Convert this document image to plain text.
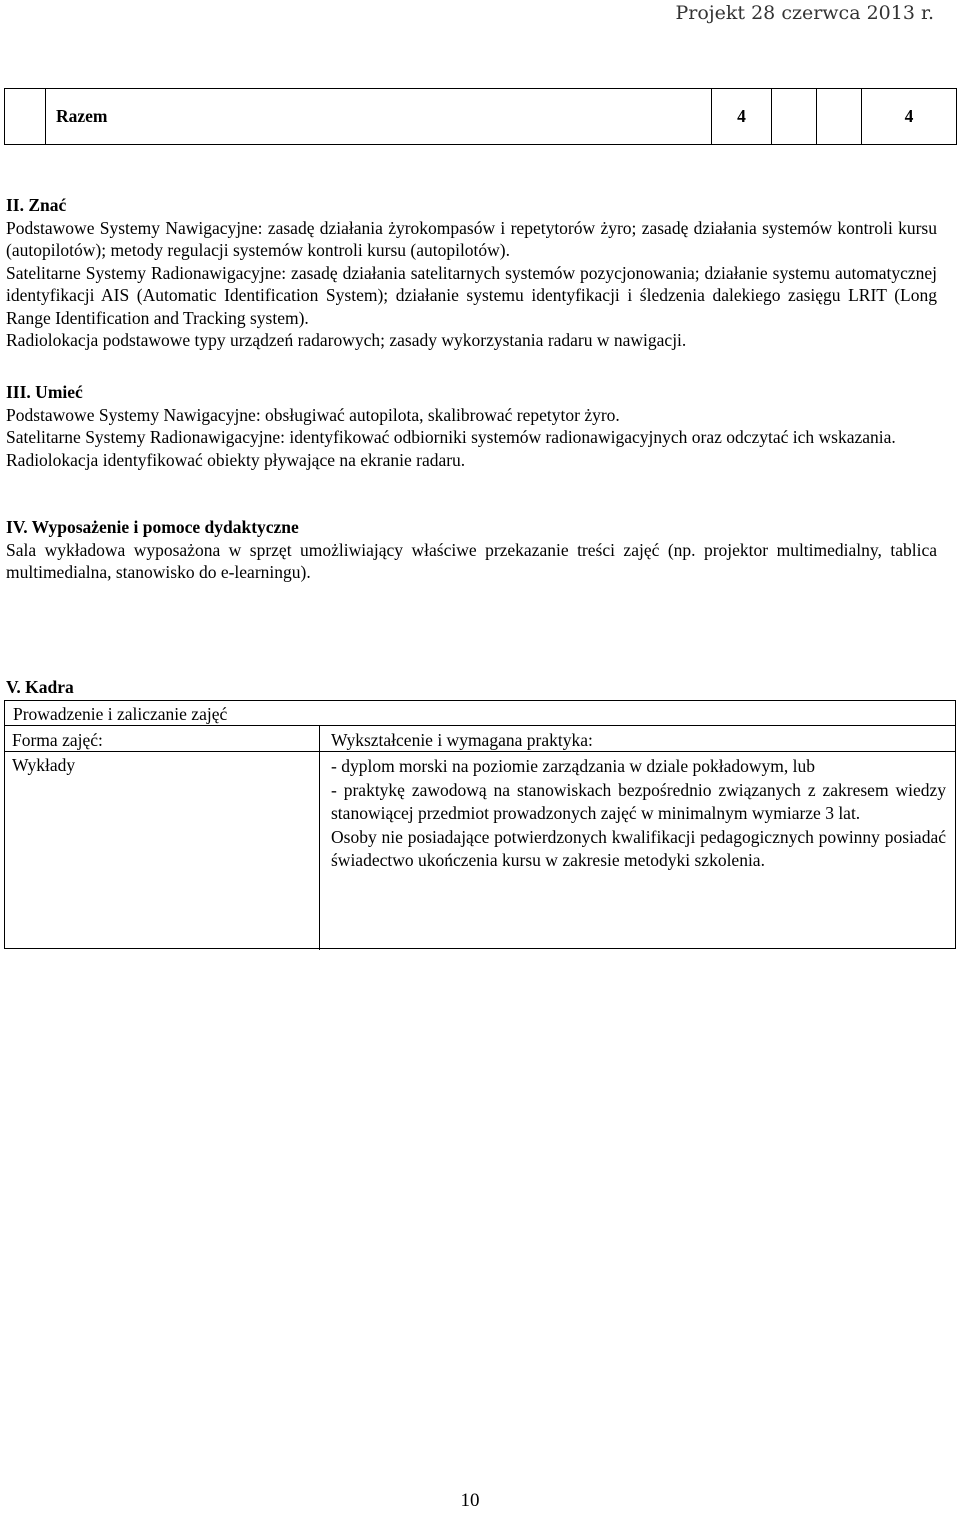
Projekt 28 czerwca 2013 r.
	Razem	4			4

II. Znać

Podstawowe Systemy Nawigacyjne: zasadę działania żyrokompasów i repetytorów żyro; zasadę działania systemów kontroli kursu (autopilotów); metody regulacji systemów kontroli kursu (autopilotów).

Satelitarne Systemy Radionawigacyjne: zasadę działania satelitarnych systemów pozycjonowania; działanie systemu automatycznej identyfikacji AIS (Automatic Identification System); działanie systemu identyfikacji i śledzenia dalekiego zasięgu LRIT (Long Range Identification and Tracking system).

Radiolokacja podstawowe typy urządzeń radarowych; zasady wykorzystania radaru w nawigacji.

III. Umieć

Podstawowe Systemy Nawigacyjne: obsługiwać autopilota, skalibrować repetytor żyro.

Satelitarne Systemy Radionawigacyjne: identyfikować odbiorniki systemów radionawigacyjnych oraz odczytać ich wskazania.

Radiolokacja identyfikować obiekty pływające na ekranie radaru.

IV. Wyposażenie i pomoce dydaktyczne

Sala wykładowa wyposażona w sprzęt umożliwiający właściwe przekazanie treści zajęć (np. projektor multimedialny, tablica multimedialna, stanowisko do e-learningu).

V. Kadra
Prowadzenie i zaliczanie zajęć
Forma zajęć:	Wykształcenie i wymagana praktyka:
Wykłady	- dyplom morski na poziomie zarządzania w dziale pokładowym, lub

- praktykę zawodową na stanowiskach bezpośrednio związanych z zakresem wiedzy stanowiącej przedmiot prowadzonych zajęć w minimalnym wymiarze 3 lat.

Osoby nie posiadające potwierdzonych kwalifikacji pedagogicznych powinny posiadać świadectwo ukończenia kursu w zakresie metodyki szkolenia.

10
